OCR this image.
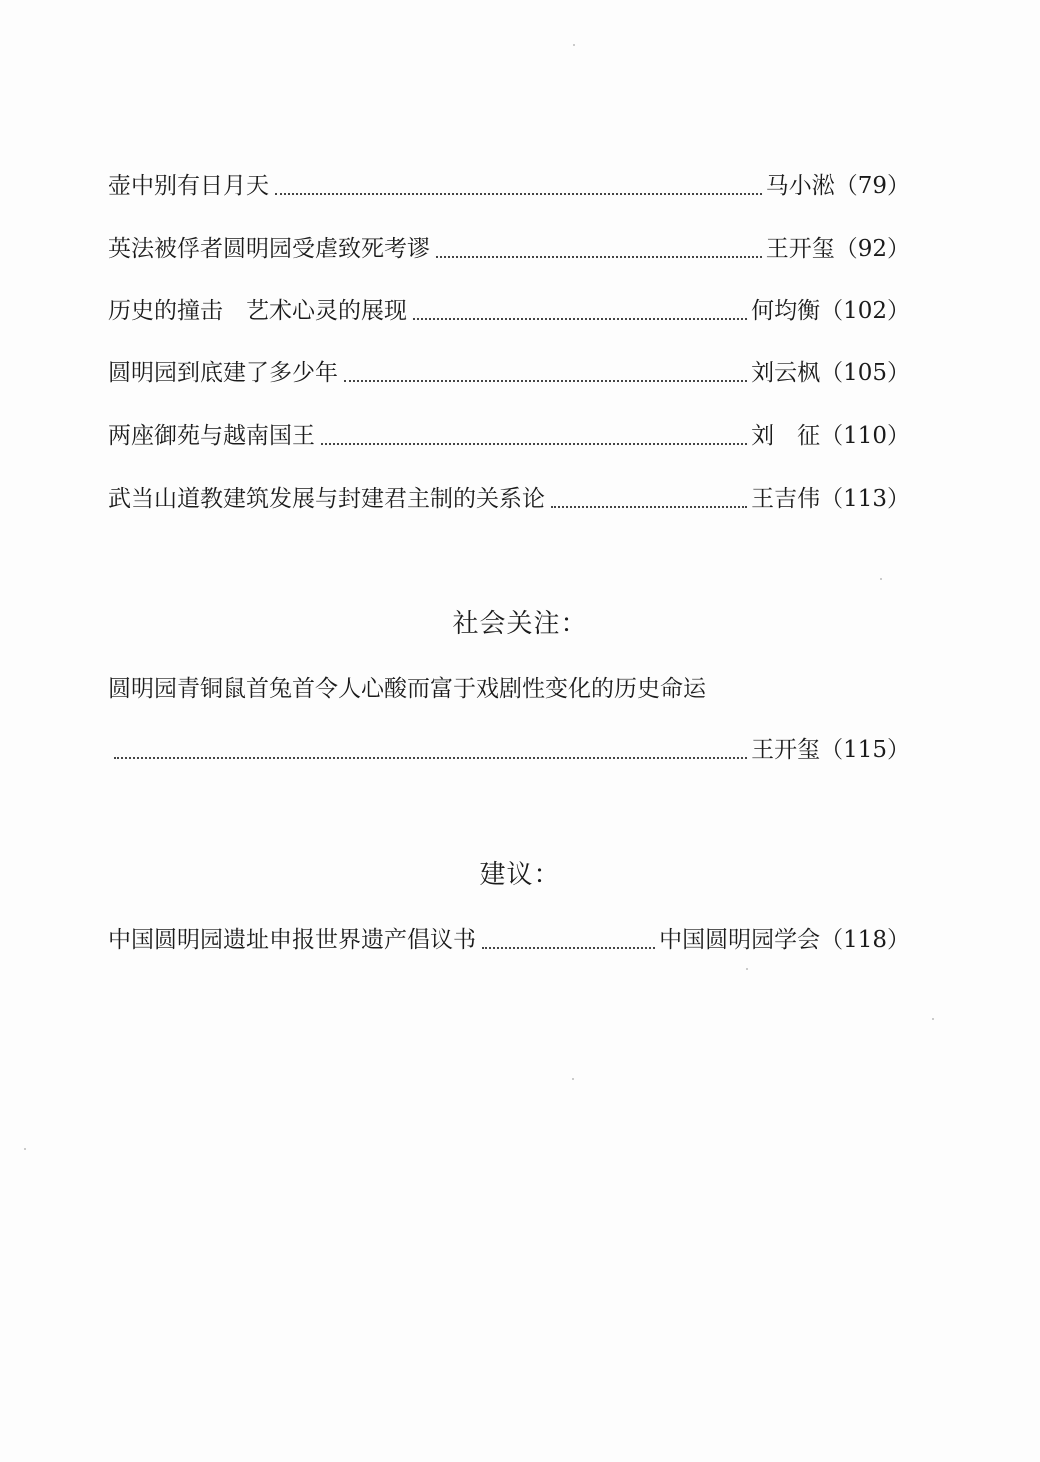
壶中别有日月天	马小淞	（ 79 ）
英法被俘者圆明园受虐致死考谬	王开玺	（ 92 ）
历史的撞击　艺术心灵的展现	何均衡	（ 102 ）
圆明园到底建了多少年	刘云枫	（ 105 ）
两座御苑与越南国王	刘　征	（ 110 ）
武当山道教建筑发展与封建君主制的关系论	王吉伟	（ 113 ）
社会关注：
圆明园青铜鼠首兔首令人心酸而富于戏剧性变化的历史命运
王开玺	（ 115 ）
建议：
中国圆明园遗址申报世界遗产倡议书	中国圆明园学会	（ 118 ）
